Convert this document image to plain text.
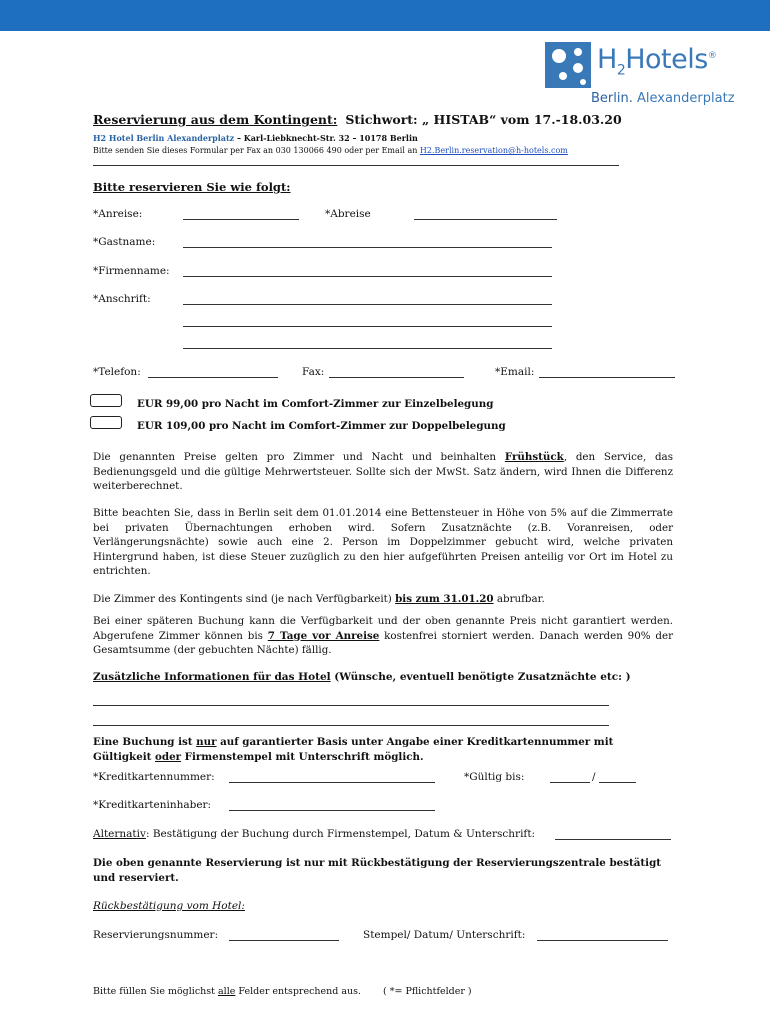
$H_2Hotels®$
Berlin. Alexanderplatz
Reservierung aus dem Kontingent: Stichwort: „ HISTAB“ vom 17.-18.03.20
H2 Hotel Berlin Alexanderplatz – Karl-Liebknecht-Str. 32 – 10178 Berlin
Bitte senden Sie dieses Formular per Fax an 030 130066 490 oder per Email an H2.Berlin.reservation@h-hotels.com
Bitte reservieren Sie wie folgt:
*Anreise:	*Abreise
*Gastname:
*Firmenname:
*Anschrift:
*Telefon:	Fax:	*Email:
EUR 99,00 pro Nacht im Comfort-Zimmer zur Einzelbelegung
EUR 109,00 pro Nacht im Comfort-Zimmer zur Doppelbelegung
Die genannten Preise gelten pro Zimmer und Nacht und beinhalten Frühstück, den Service, das Bedienungsgeld und die gültige Mehrwertsteuer. Sollte sich der MwSt. Satz ändern, wird Ihnen die Differenz weiterberechnet.
Bitte beachten Sie, dass in Berlin seit dem 01.01.2014 eine Bettensteuer in Höhe von 5% auf die Zimmerrate bei privaten Übernachtungen erhoben wird. Sofern Zusatznächte (z.B. Voranreisen, oder Verlängerungsnächte) sowie auch eine 2. Person im Doppelzimmer gebucht wird, welche privaten Hintergrund haben, ist diese Steuer zuzüglich zu den hier aufgeführten Preisen anteilig vor Ort im Hotel zu entrichten.
Die Zimmer des Kontingents sind (je nach Verfügbarkeit) bis zum 31.01.20 abrufbar.
Bei einer späteren Buchung kann die Verfügbarkeit und der oben genannte Preis nicht garantiert werden. Abgerufene Zimmer können bis 7 Tage vor Anreise kostenfrei storniert werden. Danach werden 90% der Gesamtsumme (der gebuchten Nächte) fällig.
Zusätzliche Informationen für das Hotel (Wünsche, eventuell benötigte Zusatznächte etc: )
Eine Buchung ist nur auf garantierter Basis unter Angabe einer Kreditkartennummer mit Gültigkeit oder Firmenstempel mit Unterschrift möglich.
*Kreditkartennummer:	*Gültig bis:	/
*Kreditkarteninhaber:
Alternativ: Bestätigung der Buchung durch Firmenstempel, Datum & Unterschrift:
Die oben genannte Reservierung ist nur mit Rückbestätigung der Reservierungszentrale bestätigt und reserviert.
Rückbestätigung vom Hotel:
Reservierungsnummer:	Stempel/ Datum/ Unterschrift:
Bitte füllen Sie möglichst alle Felder entsprechend aus. ( *= Pflichtfelder )
